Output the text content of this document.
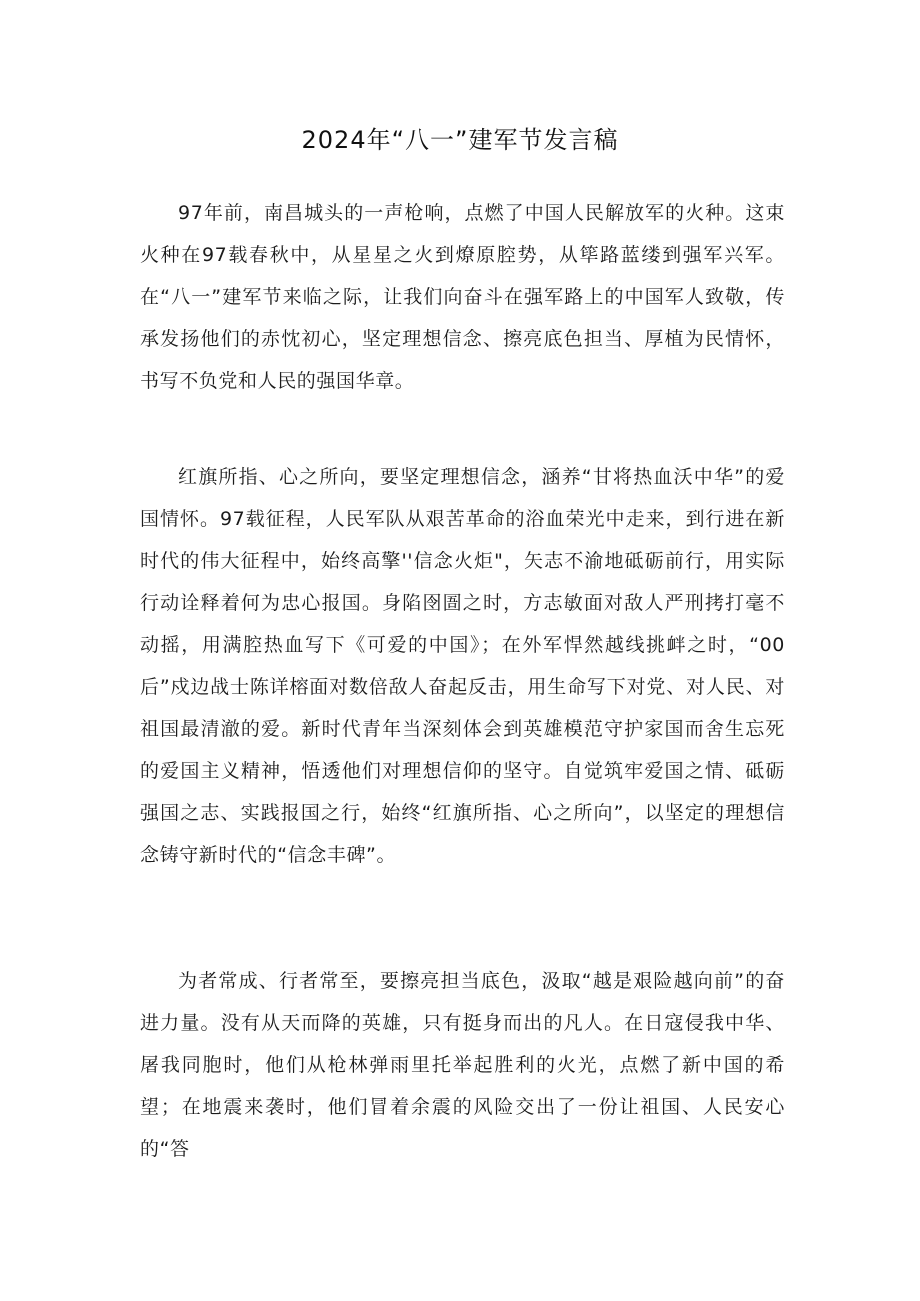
2024年“八一”建军节发言稿

97年前，南昌城头的一声枪响，点燃了中国人民解放军的火种。这束火种在97载春秋中，从星星之火到燎原腔势，从筚路蓝缕到强军兴军。在“八一”建军节来临之际，让我们向奋斗在强军路上的中国军人致敬，传承发扬他们的赤忱初心，坚定理想信念、擦亮底色担当、厚植为民情怀，书写不负党和人民的强国华章。

红旗所指、心之所向，要坚定理想信念，涵养“甘将热血沃中华”的爱国情怀。97载征程，人民军队从艰苦革命的浴血荣光中走来，到行进在新时代的伟大征程中，始终高擎''信念火炬"，矢志不渝地砥砺前行，用实际行动诠释着何为忠心报国。身陷囹圄之时，方志敏面对敌人严刑拷打毫不动摇，用满腔热血写下《可爱的中国》；在外军悍然越线挑衅之时，“00后”戍边战士陈详榕面对数倍敌人奋起反击，用生命写下对党、对人民、对祖国最清澈的爱。新时代青年当深刻体会到英雄模范守护家国而舍生忘死的爱国主义精神，悟透他们对理想信仰的坚守。自觉筑牢爱国之情、砥砺强国之志、实践报国之行，始终“红旗所指、心之所向”，以坚定的理想信念铸守新时代的“信念丰碑”。

为者常成、行者常至，要擦亮担当底色，汲取“越是艰险越向前”的奋进力量。没有从天而降的英雄，只有挺身而出的凡人。在日寇侵我中华、屠我同胞时，他们从枪林弹雨里托举起胜利的火光，点燃了新中国的希望；在地震来袭时，他们冒着余震的风险交出了一份让祖国、人民安心的“答
